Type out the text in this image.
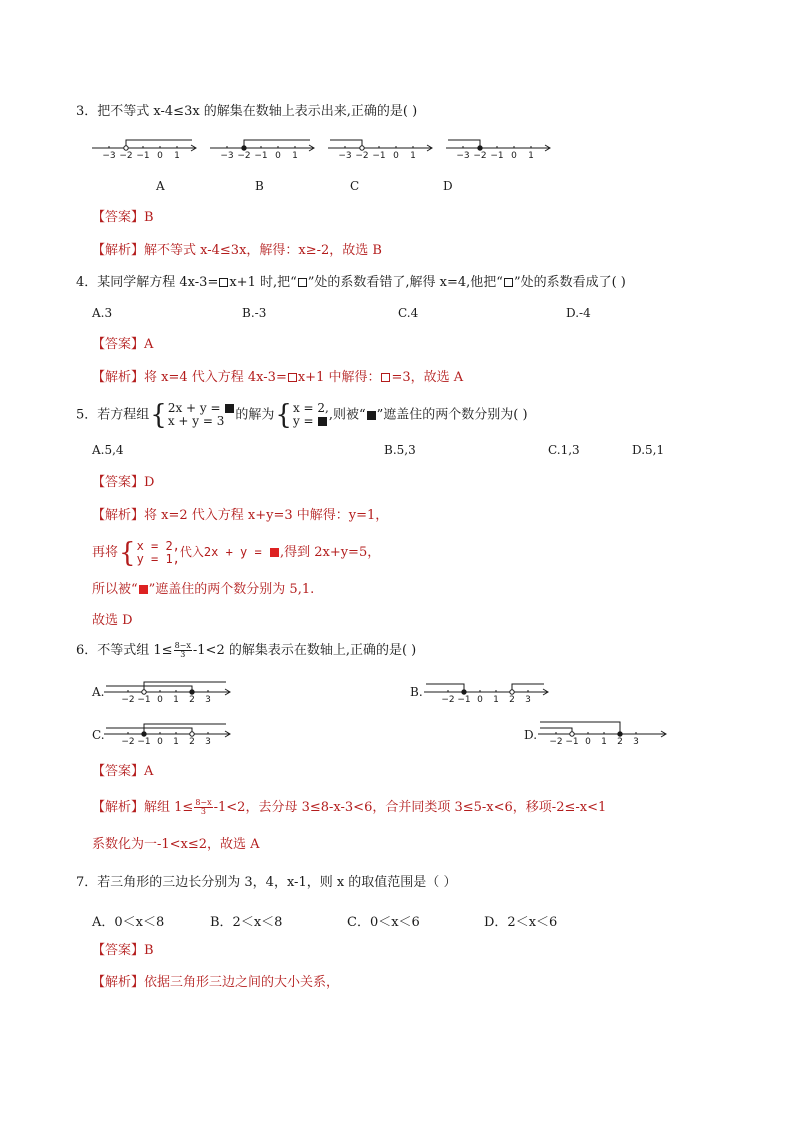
3．把不等式 x-4≤3x 的解集在数轴上表示出来,正确的是( )
−3 −2 −1 0 1	−3 −2 −1 0 1	−3 −2 −1 0 1	−3 −2 −1 0 1
A	B	C	D
【答案】B
【解析】解不等式 x-4≤3x，解得：x≥-2，故选 B
4．某同学解方程 4x-3= x+1 时,把“ ”处的系数看错了,解得 x=4,他把“ ”处的系数看成了( )
A.3	B.-3	C.4	D.-4
【答案】A
【解析】将 x=4 代入方程 4x-3= x+1 中解得： =3，故选 A
5．若方程组{2x + y =
x + y = 3 的解为{x = 2,
y = ,则被“ ”遮盖住的两个数分别为( )
A.5,4	B.5,3	C.1,3	D.5,1
【答案】D
【解析】将 x=2 代入方程 x+y=3 中解得：y=1，
再将{x = 2,
y = 1,代入2x + y = ,得到 2x+y=5，
所以被“ ”遮盖住的两个数分别为 5,1.
故选 D
6．不等式组 $1\le \frac{8-x}{3} -1<2$ 的解集表示在数轴上,正确的是( )
A.	B.
C.	D.
−2 −1 0 1 2 3	−2 −1 0 1 2 3
−2 −1 0 1 2 3	−2 −1 0 1 2 3
【答案】A
【解析】解组 $1\le \frac{8-x}{3} -1<2$，去分母 3≤8-x-3<6，合并同类项 3≤5-x<6，移项-2≤-x<1
系数化为一-1<x≤2，故选 A
7．若三角形的三边长分别为 3，4，x-1，则 x 的取值范围是（ ）
A．0＜x＜8	B．2＜x＜8	C．0＜x＜6	D．2＜x＜6
【答案】B
【解析】依据三角形三边之间的大小关系，
